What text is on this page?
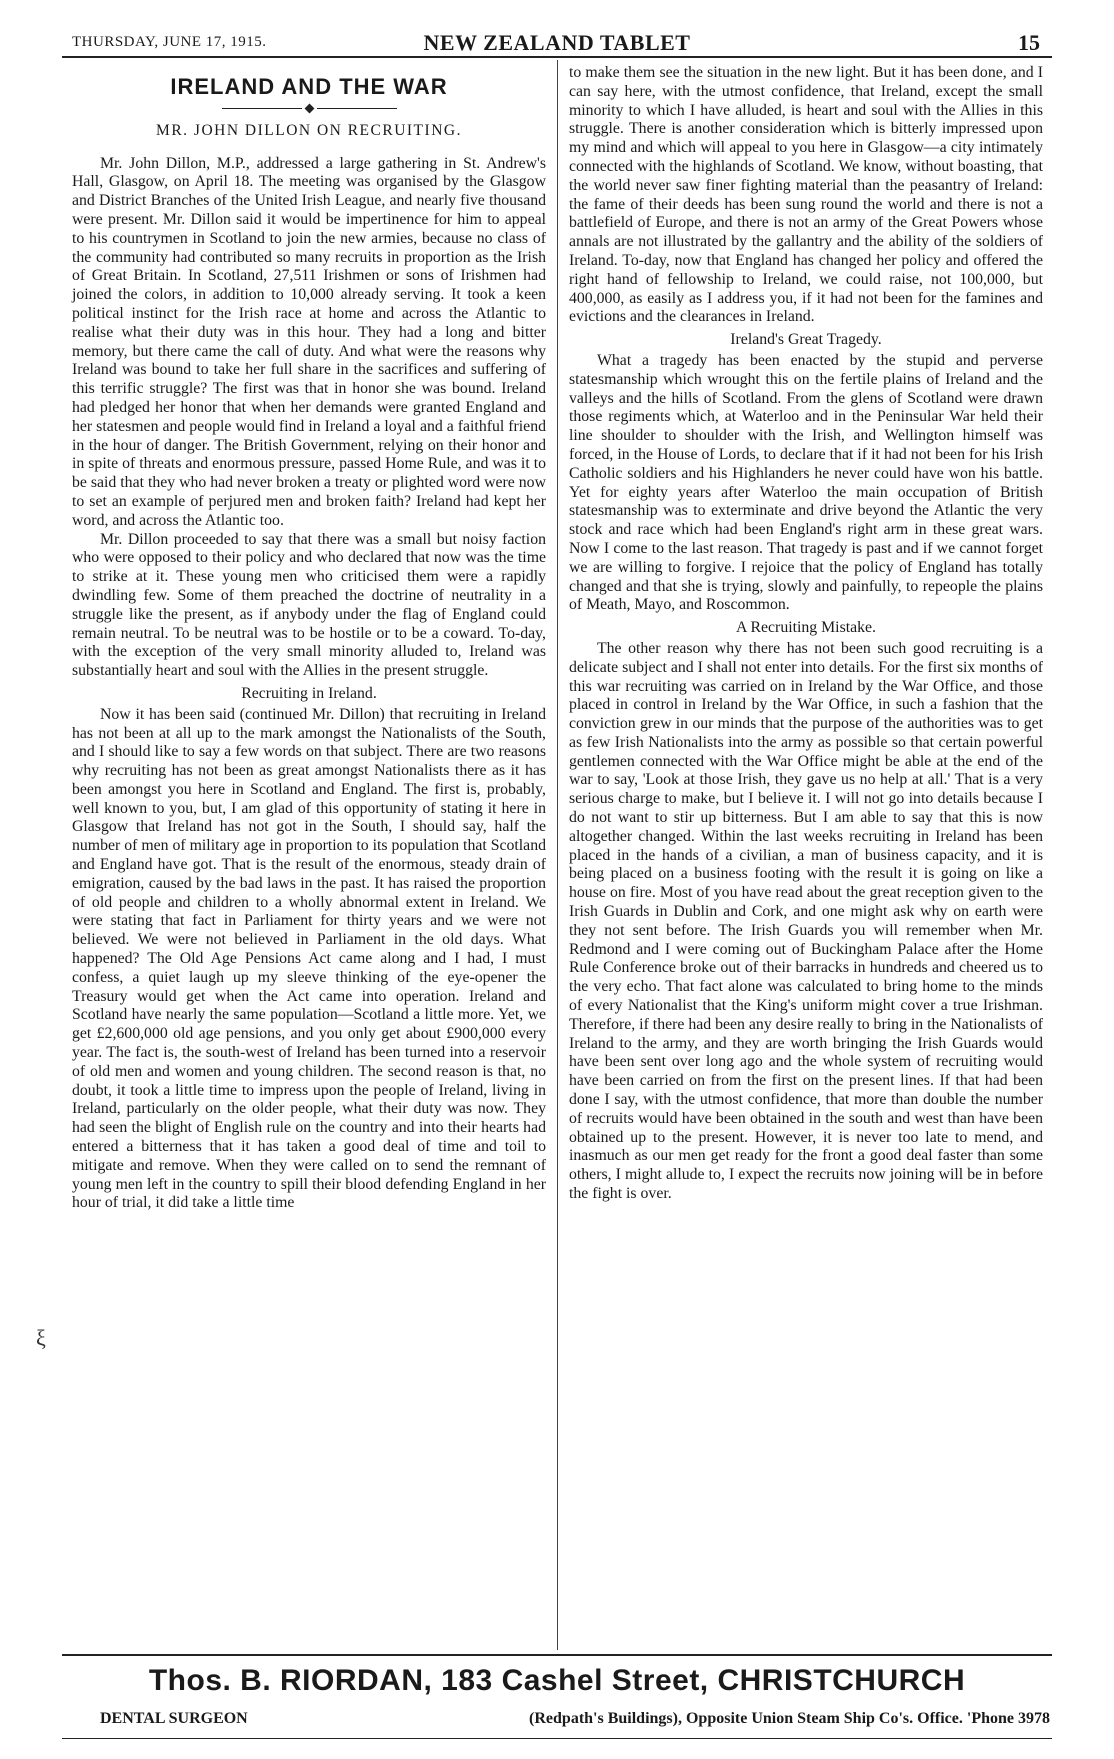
THURSDAY, JUNE 17, 1915.	NEW ZEALAND TABLET	15
IRELAND AND THE WAR
MR. JOHN DILLON ON RECRUITING.

Mr. John Dillon, M.P., addressed a large gathering in St. Andrew's Hall, Glasgow, on April 18. The meeting was organised by the Glasgow and District Branches of the United Irish League, and nearly five thousand were present. Mr. Dillon said it would be impertinence for him to appeal to his countrymen in Scotland to join the new armies, because no class of the community had contributed so many recruits in proportion as the Irish of Great Britain. In Scotland, 27,511 Irishmen or sons of Irishmen had joined the colors, in addition to 10,000 already serving. It took a keen political instinct for the Irish race at home and across the Atlantic to realise what their duty was in this hour. They had a long and bitter memory, but there came the call of duty. And what were the reasons why Ireland was bound to take her full share in the sacrifices and suffering of this terrific struggle? The first was that in honor she was bound. Ireland had pledged her honor that when her demands were granted England and her statesmen and people would find in Ireland a loyal and a faithful friend in the hour of danger. The British Government, relying on their honor and in spite of threats and enormous pressure, passed Home Rule, and was it to be said that they who had never broken a treaty or plighted word were now to set an example of perjured men and broken faith? Ireland had kept her word, and across the Atlantic too.

Mr. Dillon proceeded to say that there was a small but noisy faction who were opposed to their policy and who declared that now was the time to strike at it. These young men who criticised them were a rapidly dwindling few. Some of them preached the doctrine of neutrality in a struggle like the present, as if anybody under the flag of England could remain neutral. To be neutral was to be hostile or to be a coward. To-day, with the exception of the very small minority alluded to, Ireland was substantially heart and soul with the Allies in the present struggle.

Recruiting in Ireland.

Now it has been said (continued Mr. Dillon) that recruiting in Ireland has not been at all up to the mark amongst the Nationalists of the South, and I should like to say a few words on that subject. There are two reasons why recruiting has not been as great amongst Nationalists there as it has been amongst you here in Scotland and England. The first is, probably, well known to you, but, I am glad of this opportunity of stating it here in Glasgow that Ireland has not got in the South, I should say, half the number of men of military age in proportion to its population that Scotland and England have got. That is the result of the enormous, steady drain of emigration, caused by the bad laws in the past. It has raised the proportion of old people and children to a wholly abnormal extent in Ireland. We were stating that fact in Parliament for thirty years and we were not believed. We were not believed in Parliament in the old days. What happened? The Old Age Pensions Act came along and I had, I must confess, a quiet laugh up my sleeve thinking of the eye-opener the Treasury would get when the Act came into operation. Ireland and Scotland have nearly the same population—Scotland a little more. Yet, we get £2,600,000 old age pensions, and you only get about £900,000 every year. The fact is, the south-west of Ireland has been turned into a reservoir of old men and women and young children. The second reason is that, no doubt, it took a little time to impress upon the people of Ireland, living in Ireland, particularly on the older people, what their duty was now. They had seen the blight of English rule on the country and into their hearts had entered a bitterness that it has taken a good deal of time and toil to mitigate and remove. When they were called on to send the remnant of young men left in the country to spill their blood defending England in her hour of trial, it did take a little time

to make them see the situation in the new light. But it has been done, and I can say here, with the utmost confidence, that Ireland, except the small minority to which I have alluded, is heart and soul with the Allies in this struggle. There is another consideration which is bitterly impressed upon my mind and which will appeal to you here in Glasgow—a city intimately connected with the highlands of Scotland. We know, without boasting, that the world never saw finer fighting material than the peasantry of Ireland: the fame of their deeds has been sung round the world and there is not a battlefield of Europe, and there is not an army of the Great Powers whose annals are not illustrated by the gallantry and the ability of the soldiers of Ireland. To-day, now that England has changed her policy and offered the right hand of fellowship to Ireland, we could raise, not 100,000, but 400,000, as easily as I address you, if it had not been for the famines and evictions and the clearances in Ireland.

Ireland's Great Tragedy.

What a tragedy has been enacted by the stupid and perverse statesmanship which wrought this on the fertile plains of Ireland and the valleys and the hills of Scotland. From the glens of Scotland were drawn those regiments which, at Waterloo and in the Peninsular War held their line shoulder to shoulder with the Irish, and Wellington himself was forced, in the House of Lords, to declare that if it had not been for his Irish Catholic soldiers and his Highlanders he never could have won his battle. Yet for eighty years after Waterloo the main occupation of British statesmanship was to exterminate and drive beyond the Atlantic the very stock and race which had been England's right arm in these great wars. Now I come to the last reason. That tragedy is past and if we cannot forget we are willing to forgive. I rejoice that the policy of England has totally changed and that she is trying, slowly and painfully, to repeople the plains of Meath, Mayo, and Roscommon.

A Recruiting Mistake.

The other reason why there has not been such good recruiting is a delicate subject and I shall not enter into details. For the first six months of this war recruiting was carried on in Ireland by the War Office, and those placed in control in Ireland by the War Office, in such a fashion that the conviction grew in our minds that the purpose of the authorities was to get as few Irish Nationalists into the army as possible so that certain powerful gentlemen connected with the War Office might be able at the end of the war to say, 'Look at those Irish, they gave us no help at all.' That is a very serious charge to make, but I believe it. I will not go into details because I do not want to stir up bitterness. But I am able to say that this is now altogether changed. Within the last weeks recruiting in Ireland has been placed in the hands of a civilian, a man of business capacity, and it is being placed on a business footing with the result it is going on like a house on fire. Most of you have read about the great reception given to the Irish Guards in Dublin and Cork, and one might ask why on earth were they not sent before. The Irish Guards you will remember when Mr. Redmond and I were coming out of Buckingham Palace after the Home Rule Conference broke out of their barracks in hundreds and cheered us to the very echo. That fact alone was calculated to bring home to the minds of every Nationalist that the King's uniform might cover a true Irishman. Therefore, if there had been any desire really to bring in the Nationalists of Ireland to the army, and they are worth bringing the Irish Guards would have been sent over long ago and the whole system of recruiting would have been carried on from the first on the present lines. If that had been done I say, with the utmost confidence, that more than double the number of recruits would have been obtained in the south and west than have been obtained up to the present. However, it is never too late to mend, and inasmuch as our men get ready for the front a good deal faster than some others, I might allude to, I expect the recruits now joining will be in before the fight is over.

ξ
Thos. B. RIORDAN, 183 Cashel Street, CHRISTCHURCH
DENTAL SURGEON	(Redpath's Buildings), Opposite Union Steam Ship Co's. Office. 'Phone 3978
